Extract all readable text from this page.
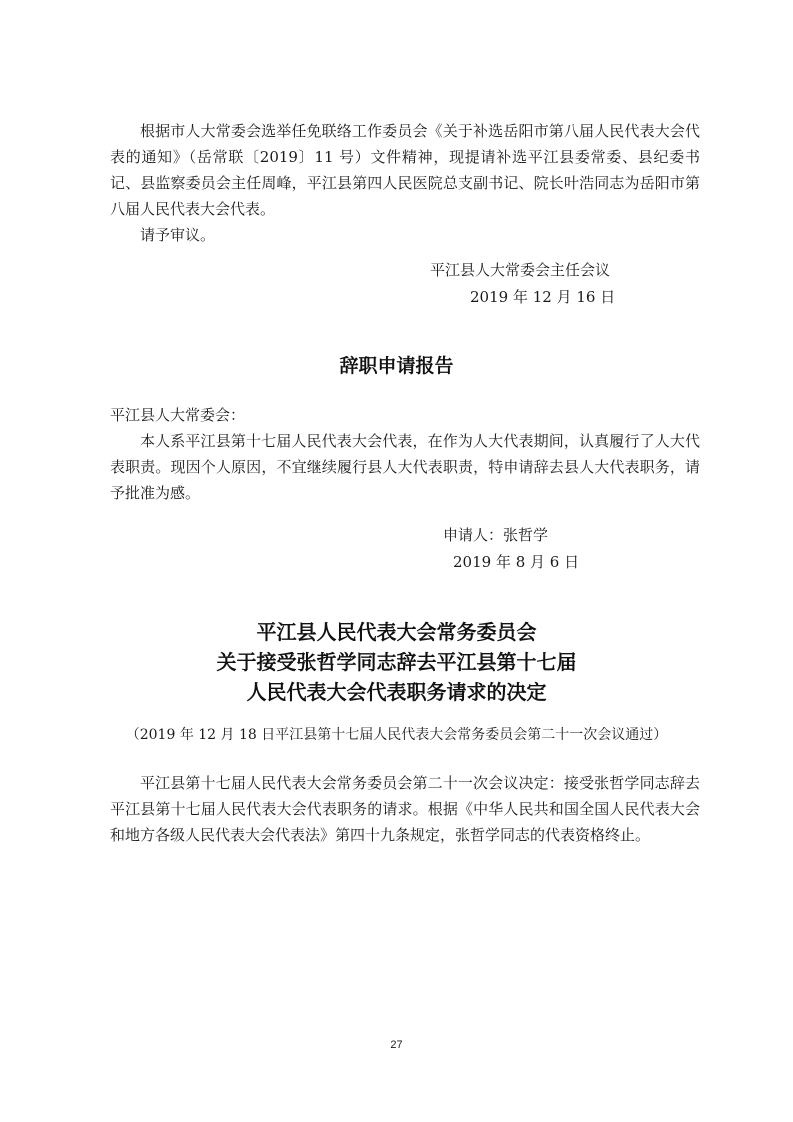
根据市人大常委会选举任免联络工作委员会《关于补选岳阳市第八届人民代表大会代表的通知》（岳常联〔2019〕11 号）文件精神，现提请补选平江县委常委、县纪委书记、县监察委员会主任周峰，平江县第四人民医院总支副书记、院长叶浩同志为岳阳市第八届人民代表大会代表。

请予审议。

平江县人大常委会主任会议
2019 年 12 月 16 日
辞职申请报告

平江县人大常委会：

本人系平江县第十七届人民代表大会代表，在作为人大代表期间，认真履行了人大代表职责。现因个人原因，不宜继续履行县人大代表职责，特申请辞去县人大代表职务，请予批准为感。

申请人：张哲学
2019 年 8 月 6 日
平江县人民代表大会常务委员会
关于接受张哲学同志辞去平江县第十七届
人民代表大会代表职务请求的决定
（2019 年 12 月 18 日平江县第十七届人民代表大会常务委员会第二十一次会议通过）

平江县第十七届人民代表大会常务委员会第二十一次会议决定：接受张哲学同志辞去平江县第十七届人民代表大会代表职务的请求。根据《中华人民共和国全国人民代表大会和地方各级人民代表大会代表法》第四十九条规定，张哲学同志的代表资格终止。

27
